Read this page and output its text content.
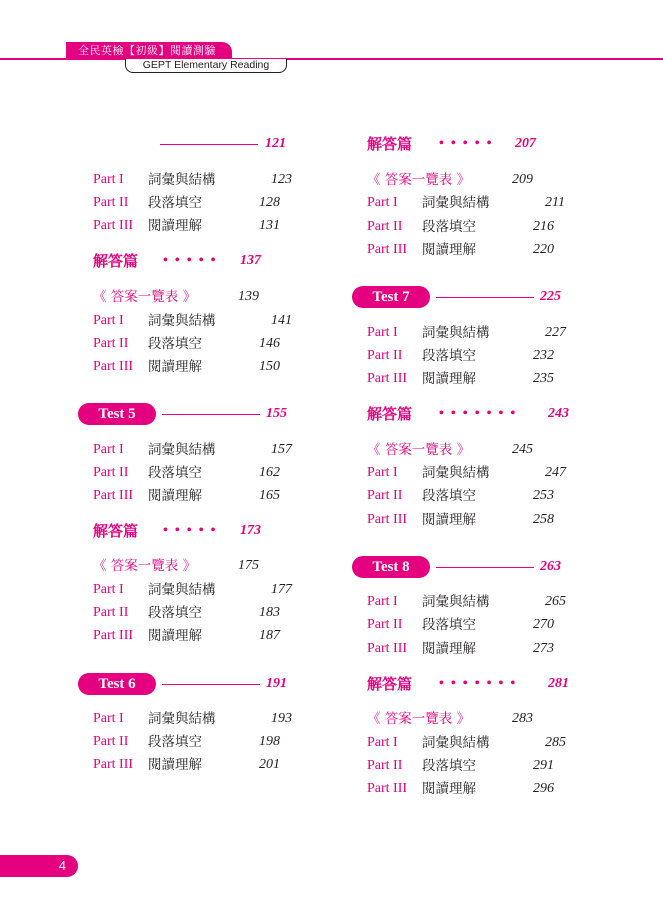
全民英檢【初級】閱讀測驗
GEPT Elementary Reading
121
Part I 詞彙與結構	123
Part II 段落填空	128
Part III 閱讀理解	131
解答篇 ••••• 137
《 答案一覽表 》	139
Part I 詞彙與結構	141
Part II 段落填空	146
Part III 閱讀理解	150
Test 5	155
Part I 詞彙與結構	157
Part II 段落填空	162
Part III 閱讀理解	165
解答篇 ••••• 173
《 答案一覽表 》	175
Part I 詞彙與結構	177
Part II 段落填空	183
Part III 閱讀理解	187
Test 6	191
Part I 詞彙與結構	193
Part II 段落填空	198
Part III 閱讀理解	201
解答篇 ••••• 207
《 答案一覽表 》	209
Part I 詞彙與結構	211
Part II 段落填空	216
Part III 閱讀理解	220
Test 7	225
Part I 詞彙與結構	227
Part II 段落填空	232
Part III 閱讀理解	235
解答篇 ••••••• 243
《 答案一覽表 》	245
Part I 詞彙與結構	247
Part II 段落填空	253
Part III 閱讀理解	258
Test 8	263
Part I 詞彙與結構	265
Part II 段落填空	270
Part III 閱讀理解	273
解答篇 ••••••• 281
《 答案一覽表 》	283
Part I 詞彙與結構	285
Part II 段落填空	291
Part III 閱讀理解	296
4
